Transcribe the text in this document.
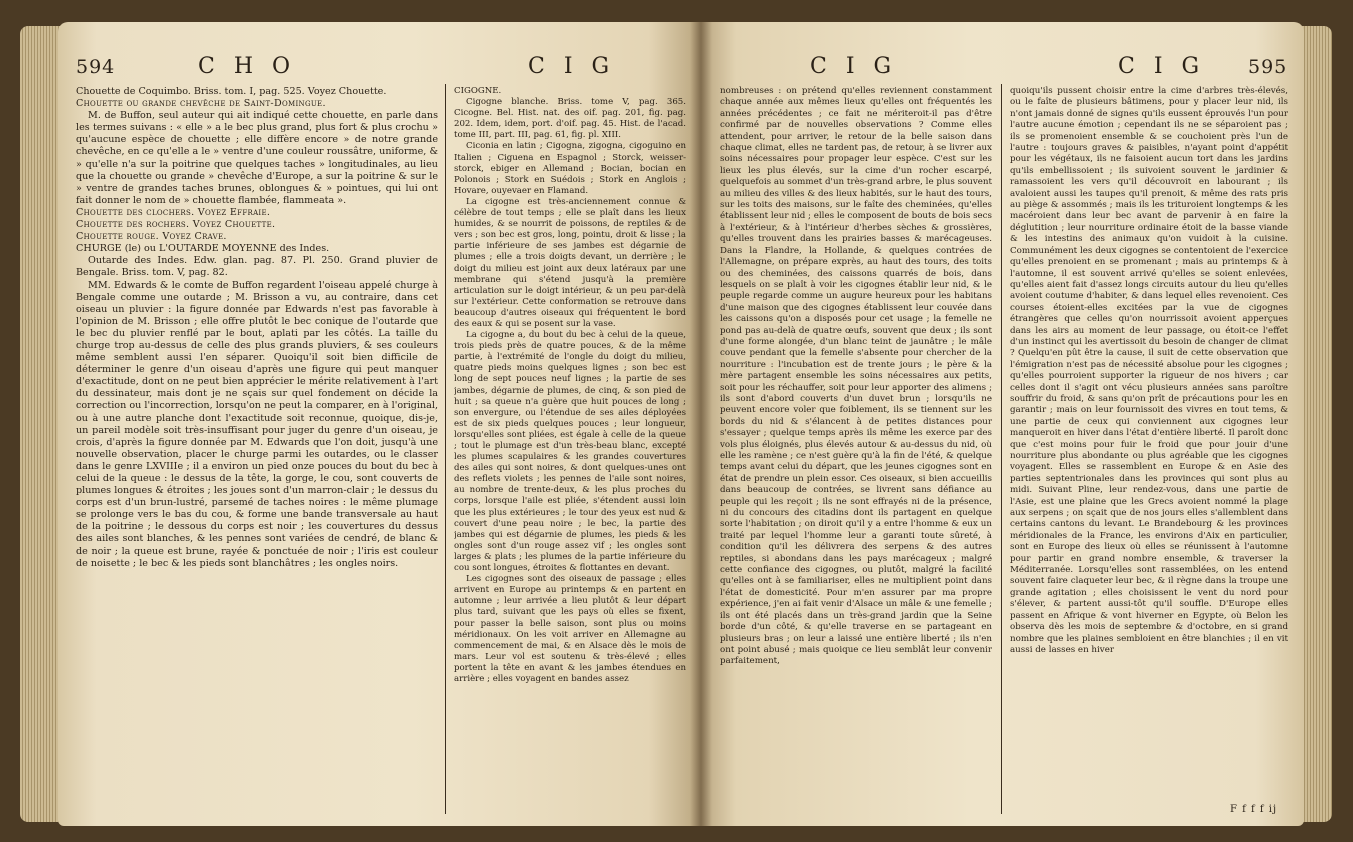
594	C H O	C I G

Chouette de Coquimbo. Briss. tom. I, pag. 525. Voyez Chouette.

Chouette ou grande chevêche de Saint-Domingue.

M. de Buffon, seul auteur qui ait indiqué cette chouette, en parle dans les termes suivans : « elle » a le bec plus grand, plus fort & plus crochu » qu'aucune espèce de chouette ; elle diffère encore » de notre grande chevêche, en ce qu'elle a le » ventre d'une couleur roussâtre, uniforme, & » qu'elle n'a sur la poitrine que quelques taches » longitudinales, au lieu que la chouette ou grande » chevêche d'Europe, a sur la poitrine & sur le » ventre de grandes taches brunes, oblongues & » pointues, qui lui ont fait donner le nom de » chouette flambée, flammeata ».

Chouette des clochers. Voyez Effraie.

Chouette des rochers. Voyez Chouette.

Chouette rouge. Voyez Crave.

CHURGE (le) ou L'OUTARDE MOYENNE des Indes.

Outarde des Indes. Edw. glan. pag. 87. Pl. 250. Grand pluvier de Bengale. Briss. tom. V, pag. 82.

MM. Edwards & le comte de Buffon regardent l'oiseau appelé churge à Bengale comme une outarde ; M. Brisson a vu, au contraire, dans cet oiseau un pluvier : la figure donnée par Edwards n'est pas favorable à l'opinion de M. Brisson ; elle offre plutôt le bec conique de l'outarde que le bec du pluvier renflé par le bout, aplati par les côtés. La taille du churge trop au-dessus de celle des plus grands pluviers, & ses couleurs même semblent aussi l'en séparer. Quoiqu'il soit bien difficile de déterminer le genre d'un oiseau d'après une figure qui peut manquer d'exactitude, dont on ne peut bien apprécier le mérite relativement à l'art du dessinateur, mais dont je ne sçais sur quel fondement on décide la correction ou l'incorrection, lorsqu'on ne peut la comparer, en à l'original, ou à une autre planche dont l'exactitude soit reconnue, quoique, dis-je, un pareil modèle soit très-insuffisant pour juger du genre d'un oiseau, je crois, d'après la figure donnée par M. Edwards que l'on doit, jusqu'à une nouvelle observation, placer le churge parmi les outardes, ou le classer dans le genre LXVIIIe ; il a environ un pied onze pouces du bout du bec à celui de la queue : le dessus de la tête, la gorge, le cou, sont couverts de plumes longues & étroites ; les joues sont d'un marron-clair ; le dessus du corps est d'un brun-lustré, parsemé de taches noires : le même plumage se prolonge vers le bas du cou, & forme une bande transversale au haut de la poitrine ; le dessous du corps est noir ; les couvertures du dessus des ailes sont blanches, & les pennes sont variées de cendré, de blanc & de noir ; la queue est brune, rayée & ponctuée de noir ; l'iris est couleur de noisette ; le bec & les pieds sont blanchâtres ; les ongles noirs.

CIGOGNE.

Cigogne blanche. Briss. tome V, pag. 365. Cicogne. Bel. Hist. nat. des oif. pag. 201, fig. pag. 202. Idem, idem, port. d'oif. pag. 45. Hist. de l'acad. tome III, part. III, pag. 61, fig. pl. XIII.

Ciconia en latin ; Cigogna, zigogna, cigoguino en Italien ; Ciguena en Espagnol ; Storck, weisser-storck, ebiger en Allemand ; Bocian, bocian en Polonois ; Stork en Suédois ; Stork en Anglois ; Hovare, ouyevaer en Flamand.

La cigogne est très-anciennement connue & célèbre de tout temps ; elle se plaît dans les lieux humides, & se nourrit de poissons, de reptiles & de vers ; son bec est gros, long, pointu, droit & lisse ; la partie inférieure de ses jambes est dégarnie de plumes ; elle a trois doigts devant, un derrière ; le doigt du milieu est joint aux deux latéraux par une membrane qui s'étend jusqu'à la première articulation sur le doigt intérieur, & un peu par-delà sur l'extérieur. Cette conformation se retrouve dans beaucoup d'autres oiseaux qui fréquentent le bord des eaux & qui se posent sur la vase.

La cigogne a, du bout du bec à celui de la queue, trois pieds près de quatre pouces, & de la même partie, à l'extrémité de l'ongle du doigt du milieu, quatre pieds moins quelques lignes ; son bec est long de sept pouces neuf lignes ; la partie de ses jambes, dégarnie de plumes, de cinq, & son pied de huit ; sa queue n'a guère que huit pouces de long ; son envergure, ou l'étendue de ses ailes déployées est de six pieds quelques pouces ; leur longueur, lorsqu'elles sont pliées, est égale à celle de la queue ; tout le plumage est d'un très-beau blanc, excepté les plumes scapulaires & les grandes couvertures des ailes qui sont noires, & dont quelques-unes ont des reflets violets ; les pennes de l'aile sont noires, au nombre de trente-deux, & les plus proches du corps, lorsque l'aile est pliée, s'étendent aussi loin que les plus extérieures ; le tour des yeux est nud & couvert d'une peau noire ; le bec, la partie des jambes qui est dégarnie de plumes, les pieds & les ongles sont d'un rouge assez vif ; les ongles sont larges & plats ; les plumes de la partie inférieure du cou sont longues, étroites & flottantes en devant.

Les cigognes sont des oiseaux de passage ; elles arrivent en Europe au printemps & en partent en automne ; leur arrivée a lieu plutôt & leur départ plus tard, suivant que les pays où elles se fixent, pour passer la belle saison, sont plus ou moins méridionaux. On les voit arriver en Allemagne au commencement de mai, & en Alsace dès le mois de mars. Leur vol est soutenu & très-élevé ; elles portent la tête en avant & les jambes étendues en arrière ; elles voyagent en bandes assez

C I G	C I G 595

nombreuses : on prétend qu'elles reviennent constamment chaque année aux mêmes lieux qu'elles ont fréquentés les années précédentes ; ce fait ne mériteroit-il pas d'être confirmé par de nouvelles observations ? Comme elles attendent, pour arriver, le retour de la belle saison dans chaque climat, elles ne tardent pas, de retour, à se livrer aux soins nécessaires pour propager leur espèce. C'est sur les lieux les plus élevés, sur la cime d'un rocher escarpé, quelquefois au sommet d'un très-grand arbre, le plus souvent au milieu des villes & des lieux habités, sur le haut des tours, sur les toits des maisons, sur le faîte des cheminées, qu'elles établissent leur nid ; elles le composent de bouts de bois secs à l'extérieur, & à l'intérieur d'herbes sèches & grossières, qu'elles trouvent dans les prairies basses & marécageuses. Dans la Flandre, la Hollande, & quelques contrées de l'Allemagne, on prépare exprès, au haut des tours, des toits ou des cheminées, des caissons quarrés de bois, dans lesquels on se plaît à voir les cigognes établir leur nid, & le peuple regarde comme un augure heureux pour les habitans d'une maison que des cigognes établissent leur couvée dans les caissons qu'on a disposés pour cet usage ; la femelle ne pond pas au-delà de quatre œufs, souvent que deux ; ils sont d'une forme alongée, d'un blanc teint de jaunâtre ; le mâle couve pendant que la femelle s'absente pour chercher de la nourriture : l'incubation est de trente jours ; le père & la mère partagent ensemble les soins nécessaires aux petits, soit pour les réchauffer, soit pour leur apporter des alimens ; ils sont d'abord couverts d'un duvet brun ; lorsqu'ils ne peuvent encore voler que foiblement, ils se tiennent sur les bords du nid & s'élancent à de petites distances pour s'essayer ; quelque temps après ils même les exerce par des vols plus éloignés, plus élevés autour & au-dessus du nid, où elle les ramène ; ce n'est guère qu'à la fin de l'été, & quelque temps avant celui du départ, que les jeunes cigognes sont en état de prendre un plein essor. Ces oiseaux, si bien accueillis dans beaucoup de contrées, se livrent sans défiance au peuple qui les reçoit ; ils ne sont effrayés ni de la présence, ni du concours des citadins dont ils partagent en quelque sorte l'habitation ; on diroit qu'il y a entre l'homme & eux un traité par lequel l'homme leur a garanti toute sûreté, à condition qu'il les délivrera des serpens & des autres reptiles, si abondans dans les pays marécageux ; malgré cette confiance des cigognes, ou plutôt, malgré la facilité qu'elles ont à se familiariser, elles ne multiplient point dans l'état de domesticité. Pour m'en assurer par ma propre expérience, j'en ai fait venir d'Alsace un mâle & une femelle ; ils ont été placés dans un très-grand jardin que la Seine borde d'un côté, & qu'elle traverse en se partageant en plusieurs bras ; on leur a laissé une entière liberté ; ils n'en ont point abusé ; mais quoique ce lieu semblât leur convenir parfaitement,

quoiqu'ils pussent choisir entre la cime d'arbres très-élevés, ou le faîte de plusieurs bâtimens, pour y placer leur nid, ils n'ont jamais donné de signes qu'ils eussent éprouvés l'un pour l'autre aucune émotion ; cependant ils ne se séparoient pas ; ils se promenoient ensemble & se couchoient près l'un de l'autre : toujours graves & paisibles, n'ayant point d'appétit pour les végétaux, ils ne faisoient aucun tort dans les jardins qu'ils embellissoient ; ils suivoient souvent le jardinier & ramassoient les vers qu'il découvroit en labourant ; ils avaloient aussi les taupes qu'il prenoit, & même des rats pris au piège & assommés ; mais ils les trituroient longtemps & les macéroient dans leur bec avant de parvenir à en faire la déglutition ; leur nourriture ordinaire étoit de la basse viande & les intestins des animaux qu'on vuidoit à la cuisine. Communément les deux cigognes se contentoient de l'exercice qu'elles prenoient en se promenant ; mais au printemps & à l'automne, il est souvent arrivé qu'elles se soient enlevées, qu'elles aient fait d'assez longs circuits autour du lieu qu'elles avoient coutume d'habiter, & dans lequel elles revenoient. Ces courses étoient-elles excitées par la vue de cigognes étrangères que celles qu'on nourrissoit avoient apperçues dans les airs au moment de leur passage, ou étoit-ce l'effet d'un instinct qui les avertissoit du besoin de changer de climat ? Quelqu'en pût être la cause, il suit de cette observation que l'émigration n'est pas de nécessité absolue pour les cigognes ; qu'elles pourroient supporter la rigueur de nos hivers ; car celles dont il s'agit ont vécu plusieurs années sans paroître souffrir du froid, & sans qu'on prît de précautions pour les en garantir ; mais on leur fournissoit des vivres en tout tems, & une partie de ceux qui conviennent aux cigognes leur manqueroit en hiver dans l'état d'entière liberté. Il paroît donc que c'est moins pour fuir le froid que pour jouir d'une nourriture plus abondante ou plus agréable que les cigognes voyagent. Elles se rassemblent en Europe & en Asie des parties septentrionales dans les provinces qui sont plus au midi. Suivant Pline, leur rendez-vous, dans une partie de l'Asie, est une plaine que les Grecs avoient nommé la plage aux serpens ; on sçait que de nos jours elles s'allemblent dans certains cantons du levant. Le Brandebourg & les provinces méridionales de la France, les environs d'Aix en particulier, sont en Europe des lieux où elles se réunissent à l'automne pour partir en grand nombre ensemble, & traverser la Méditerranée. Lorsqu'elles sont rassemblées, on les entend souvent faire claqueter leur bec, & il règne dans la troupe une grande agitation ; elles choisissent le vent du nord pour s'élever, & partent aussi-tôt qu'il souffle. D'Europe elles passent en Afrique & vont hiverner en Egypte, où Belon les observa dès les mois de septembre & d'octobre, en si grand nombre que les plaines sembloient en être blanchies ; il en vit aussi de lasses en hiver

F f f f ij
